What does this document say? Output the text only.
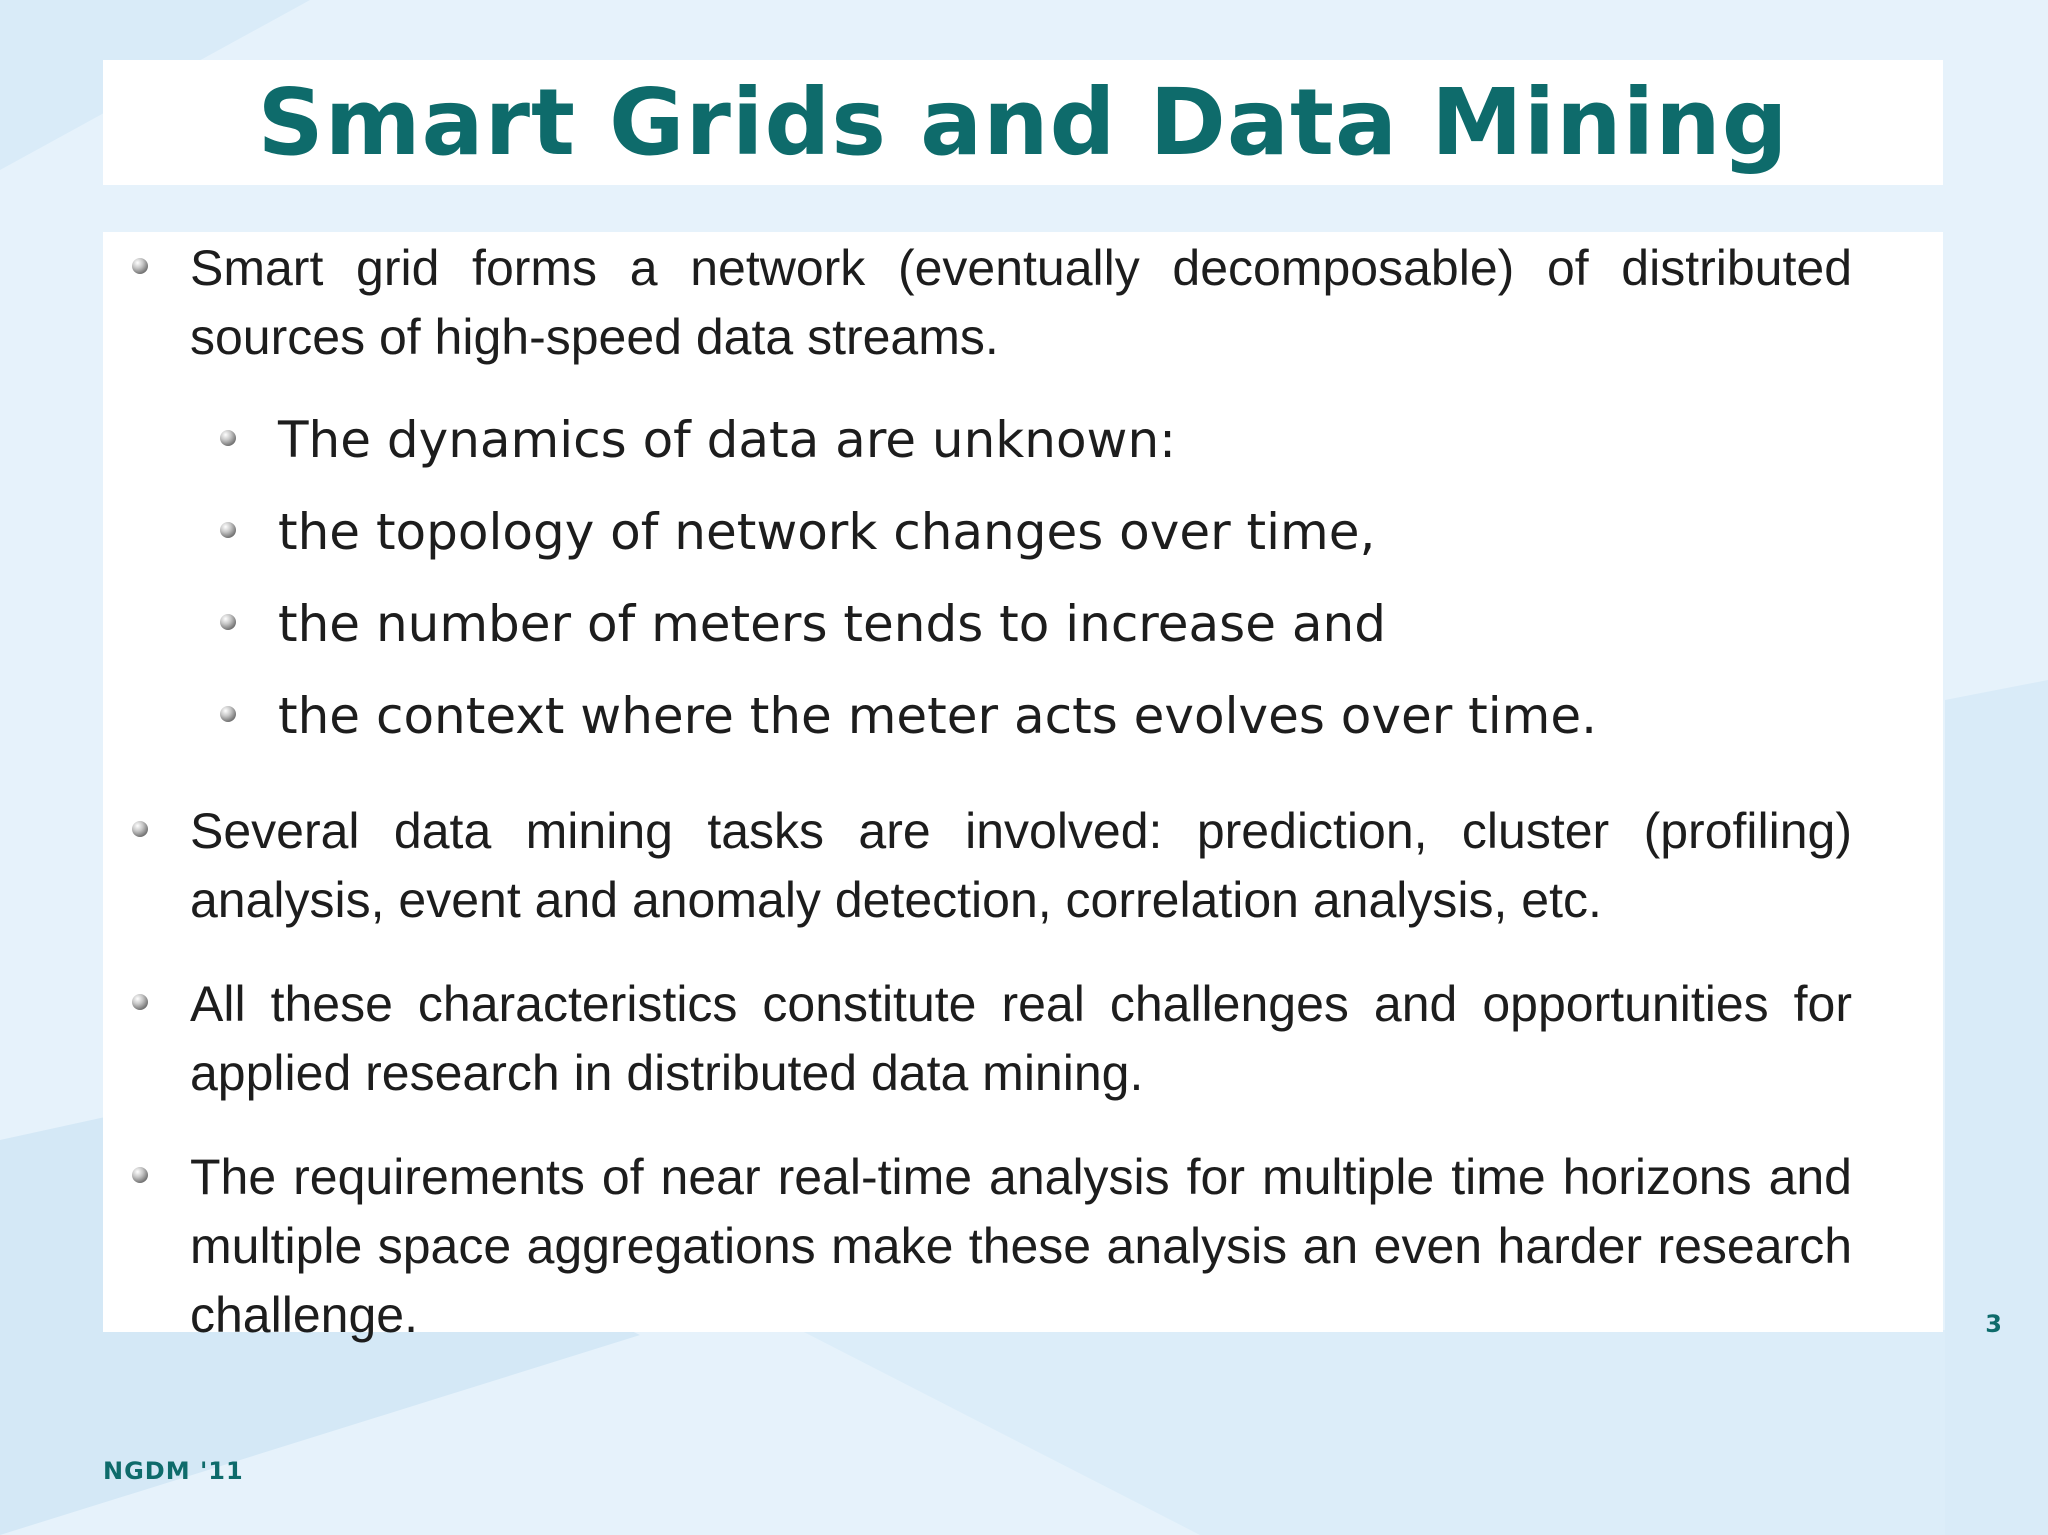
Smart Grids and Data Mining
Smart grid forms a network (eventually decomposable) of distributed sources of high-speed data streams.
The dynamics of data are unknown:
the topology of network changes over time,
the number of meters tends to increase and
the context where the meter acts evolves over time.
Several data mining tasks are involved: prediction, cluster (profiling) analysis, event and anomaly detection, correlation analysis, etc.
All these characteristics constitute real challenges and opportunities for applied research in distributed data mining.
The requirements of near real-time analysis for multiple time horizons and multiple space aggregations make these analysis an even harder research challenge.	3
NGDM '11
